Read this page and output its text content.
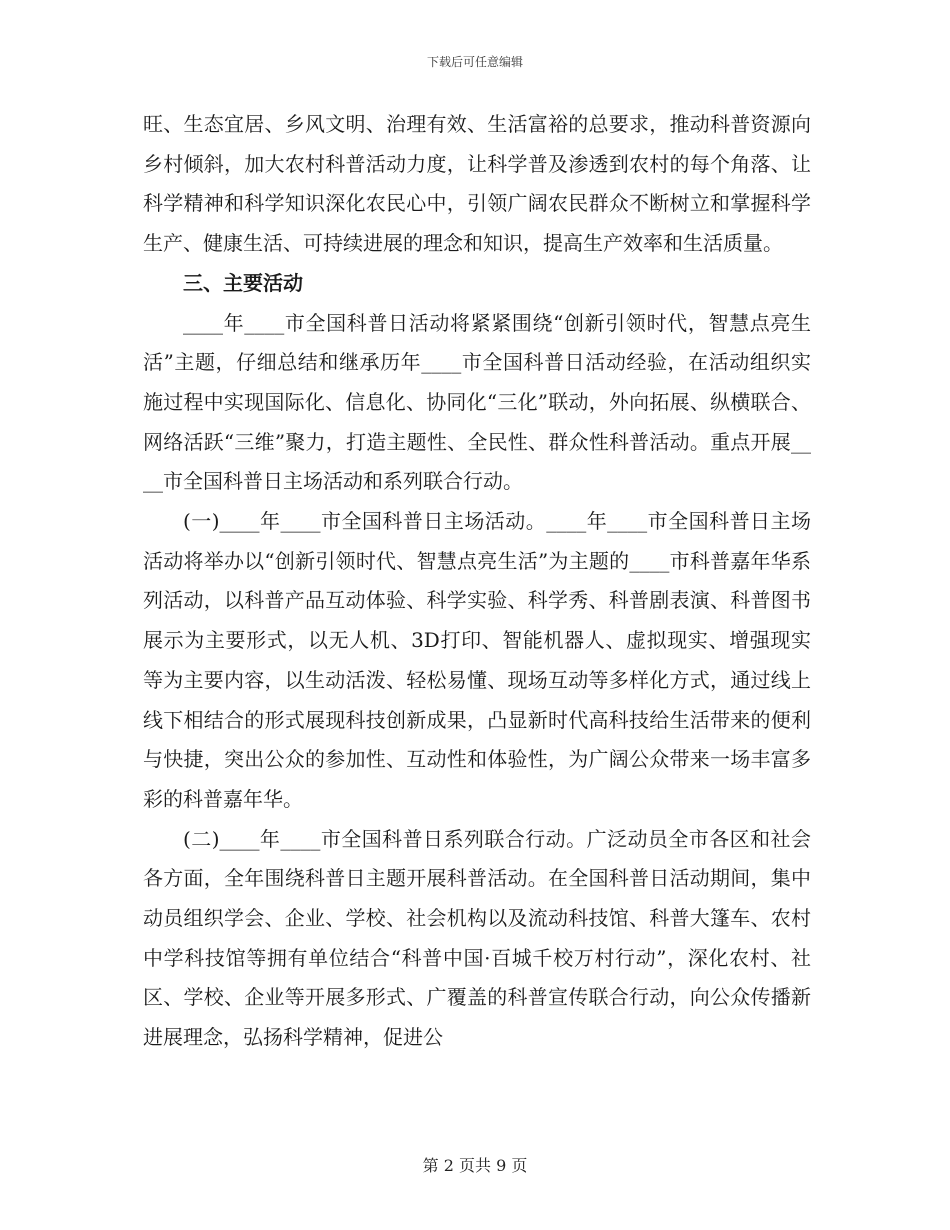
下载后可任意编辑

旺、生态宜居、乡风文明、治理有效、生活富裕的总要求，推动科普资源向乡村倾斜，加大农村科普活动力度，让科学普及渗透到农村的每个角落、让科学精神和科学知识深化农民心中，引领广阔农民群众不断树立和掌握科学生产、健康生活、可持续进展的理念和知识，提高生产效率和生活质量。

三、主要活动

____年____市全国科普日活动将紧紧围绕“创新引领时代，智慧点亮生活”主题，仔细总结和继承历年____市全国科普日活动经验，在活动组织实施过程中实现国际化、信息化、协同化“三化”联动，外向拓展、纵横联合、网络活跃“三维”聚力，打造主题性、全民性、群众性科普活动。重点开展____市全国科普日主场活动和系列联合行动。

(一)____年____市全国科普日主场活动。____年____市全国科普日主场活动将举办以“创新引领时代、智慧点亮生活”为主题的____市科普嘉年华系列活动，以科普产品互动体验、科学实验、科学秀、科普剧表演、科普图书展示为主要形式，以无人机、3D打印、智能机器人、虚拟现实、增强现实等为主要内容，以生动活泼、轻松易懂、现场互动等多样化方式，通过线上线下相结合的形式展现科技创新成果，凸显新时代高科技给生活带来的便利与快捷，突出公众的参加性、互动性和体验性，为广阔公众带来一场丰富多彩的科普嘉年华。

(二)____年____市全国科普日系列联合行动。广泛动员全市各区和社会各方面，全年围绕科普日主题开展科普活动。在全国科普日活动期间，集中动员组织学会、企业、学校、社会机构以及流动科技馆、科普大篷车、农村中学科技馆等拥有单位结合“科普中国·百城千校万村行动”，深化农村、社区、学校、企业等开展多形式、广覆盖的科普宣传联合行动，向公众传播新进展理念，弘扬科学精神，促进公

第 2 页共 9 页
